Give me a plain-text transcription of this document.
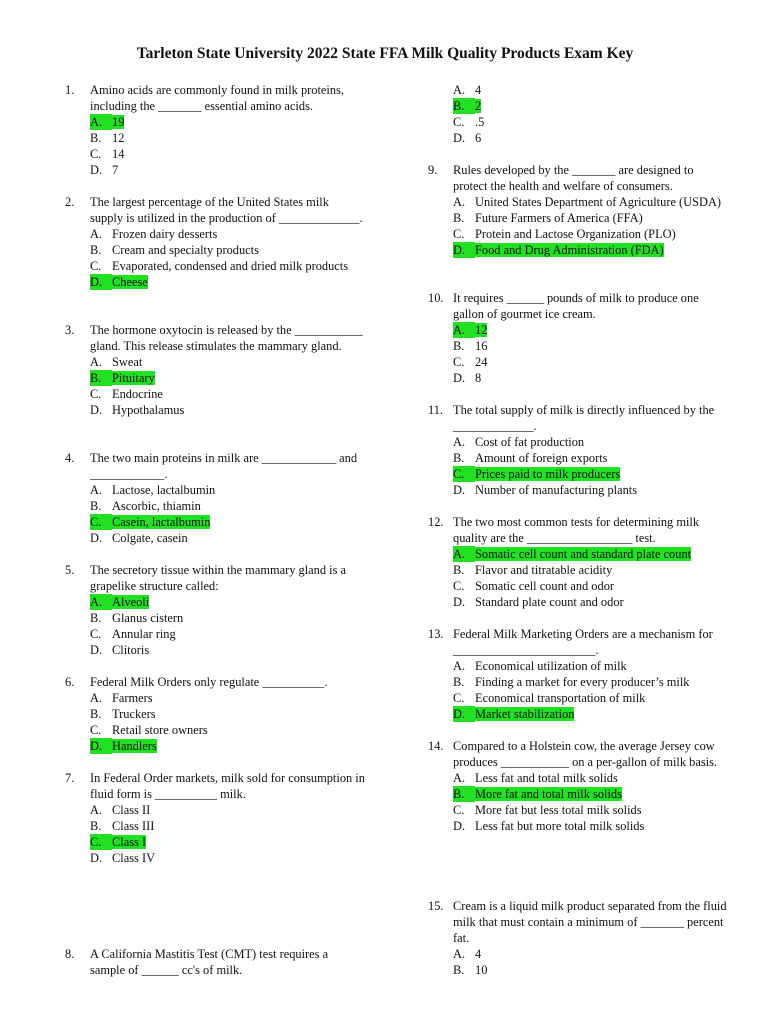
Tarleton State University 2022 State FFA Milk Quality Products Exam Key
1.	Amino acids are commonly found in milk proteins, including the _______ essential amino acids.
A. 19
B. 12
C. 14
D. 7
2.	The largest percentage of the United States milk supply is utilized in the production of _____________.
A. Frozen dairy desserts
B. Cream and specialty products
C. Evaporated, condensed and dried milk products
D. Cheese
3.	The hormone oxytocin is released by the ___________ gland. This release stimulates the mammary gland.
A. Sweat
B. Pituitary
C. Endocrine
D. Hypothalamus
4.	The two main proteins in milk are ____________ and ____________.
A. Lactose, lactalbumin
B. Ascorbic, thiamin
C. Casein, lactalbumin
D. Colgate, casein
5.	The secretory tissue within the mammary gland is a grapelike structure called:
A. Alveoli
B. Glanus cistern
C. Annular ring
D. Clitoris
6.	Federal Milk Orders only regulate __________.
A. Farmers
B. Truckers
C. Retail store owners
D. Handlers
7.	In Federal Order markets, milk sold for consumption in fluid form is __________ milk.
A. Class II
B. Class III
C. Class I
D. Class IV
8.	A California Mastitis Test (CMT) test requires a sample of ______ cc's of milk.
A. 4
B. 2
C. .5
D. 6
9.	Rules developed by the _______ are designed to protect the health and welfare of consumers.
A. United States Department of Agriculture (USDA)
B. Future Farmers of America (FFA)
C. Protein and Lactose Organization (PLO)
D. Food and Drug Administration (FDA)
10. It requires ______ pounds of milk to produce one gallon of gourmet ice cream.
A. 12
B. 16
C. 24
D. 8
11. The total supply of milk is directly influenced by the _____________.
A. Cost of fat production
B. Amount of foreign exports
C. Prices paid to milk producers
D. Number of manufacturing plants
12. The two most common tests for determining milk quality are the _________________ test.
A. Somatic cell count and standard plate count
B. Flavor and titratable acidity
C. Somatic cell count and odor
D. Standard plate count and odor
13. Federal Milk Marketing Orders are a mechanism for _______________________.
A. Economical utilization of milk
B. Finding a market for every producer’s milk
C. Economical transportation of milk
D. Market stabilization
14. Compared to a Holstein cow, the average Jersey cow produces ___________ on a per-gallon of milk basis.
A. Less fat and total milk solids
B. More fat and total milk solids
C. More fat but less total milk solids
D. Less fat but more total milk solids
15. Cream is a liquid milk product separated from the fluid milk that must contain a minimum of _______ percent fat.
A. 4
B. 10
